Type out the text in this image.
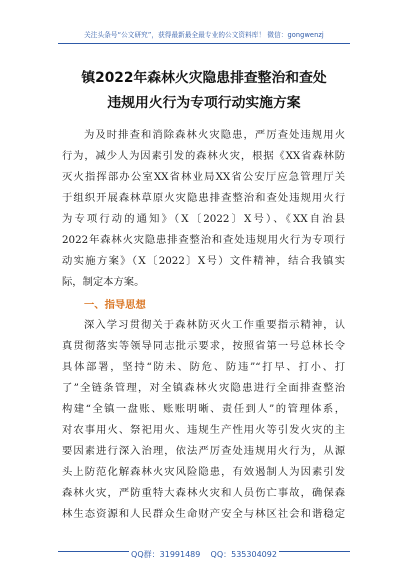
关注头条号“公文研究”，获得最新最全最专业的公文资料库！ 微信：gongwenzj
镇2022年森林火灾隐患排查整治和查处
违规用火行为专项行动实施方案
为及时排查和消除森林火灾隐患，严厉查处违规用火
行为，减少人为因素引发的森林火灾，根据《XX省森林防
灭火指挥部办公室XX省林业局XX省公安厅应急管理厅关
于组织开展森林草原火灾隐患排查整治和查处违规用火行
为专项行动的通知》（X〔2022〕X号）、《XX自治县
2022年森林火灾隐患排查整治和查处违规用火行为专项行
动实施方案》（X〔2022〕X号）文件精神，结合我镇实
际，制定本方案。
一、指导思想
深入学习贯彻关于森林防灭火工作重要指示精神，认
真贯彻落实等领导同志批示要求，按照省第一号总林长令
具体部署，坚持“防未、防危、防违”“打早、打小、打
了”全链条管理，对全镇森林火灾隐患进行全面排查整治
构建“全镇一盘账、账账明晰、责任到人”的管理体系，
对农事用火、祭祀用火、违规生产性用火等引发火灾的主
要因素进行深入治理，依法严厉查处违规用火行为，从源
头上防范化解森林火灾风险隐患，有效遏制人为因素引发
森林火灾，严防重特大森林火灾和人员伤亡事故，确保森
林生态资源和人民群众生命财产安全与林区社会和谐稳定
QQ群：31991489    QQ：535304092
